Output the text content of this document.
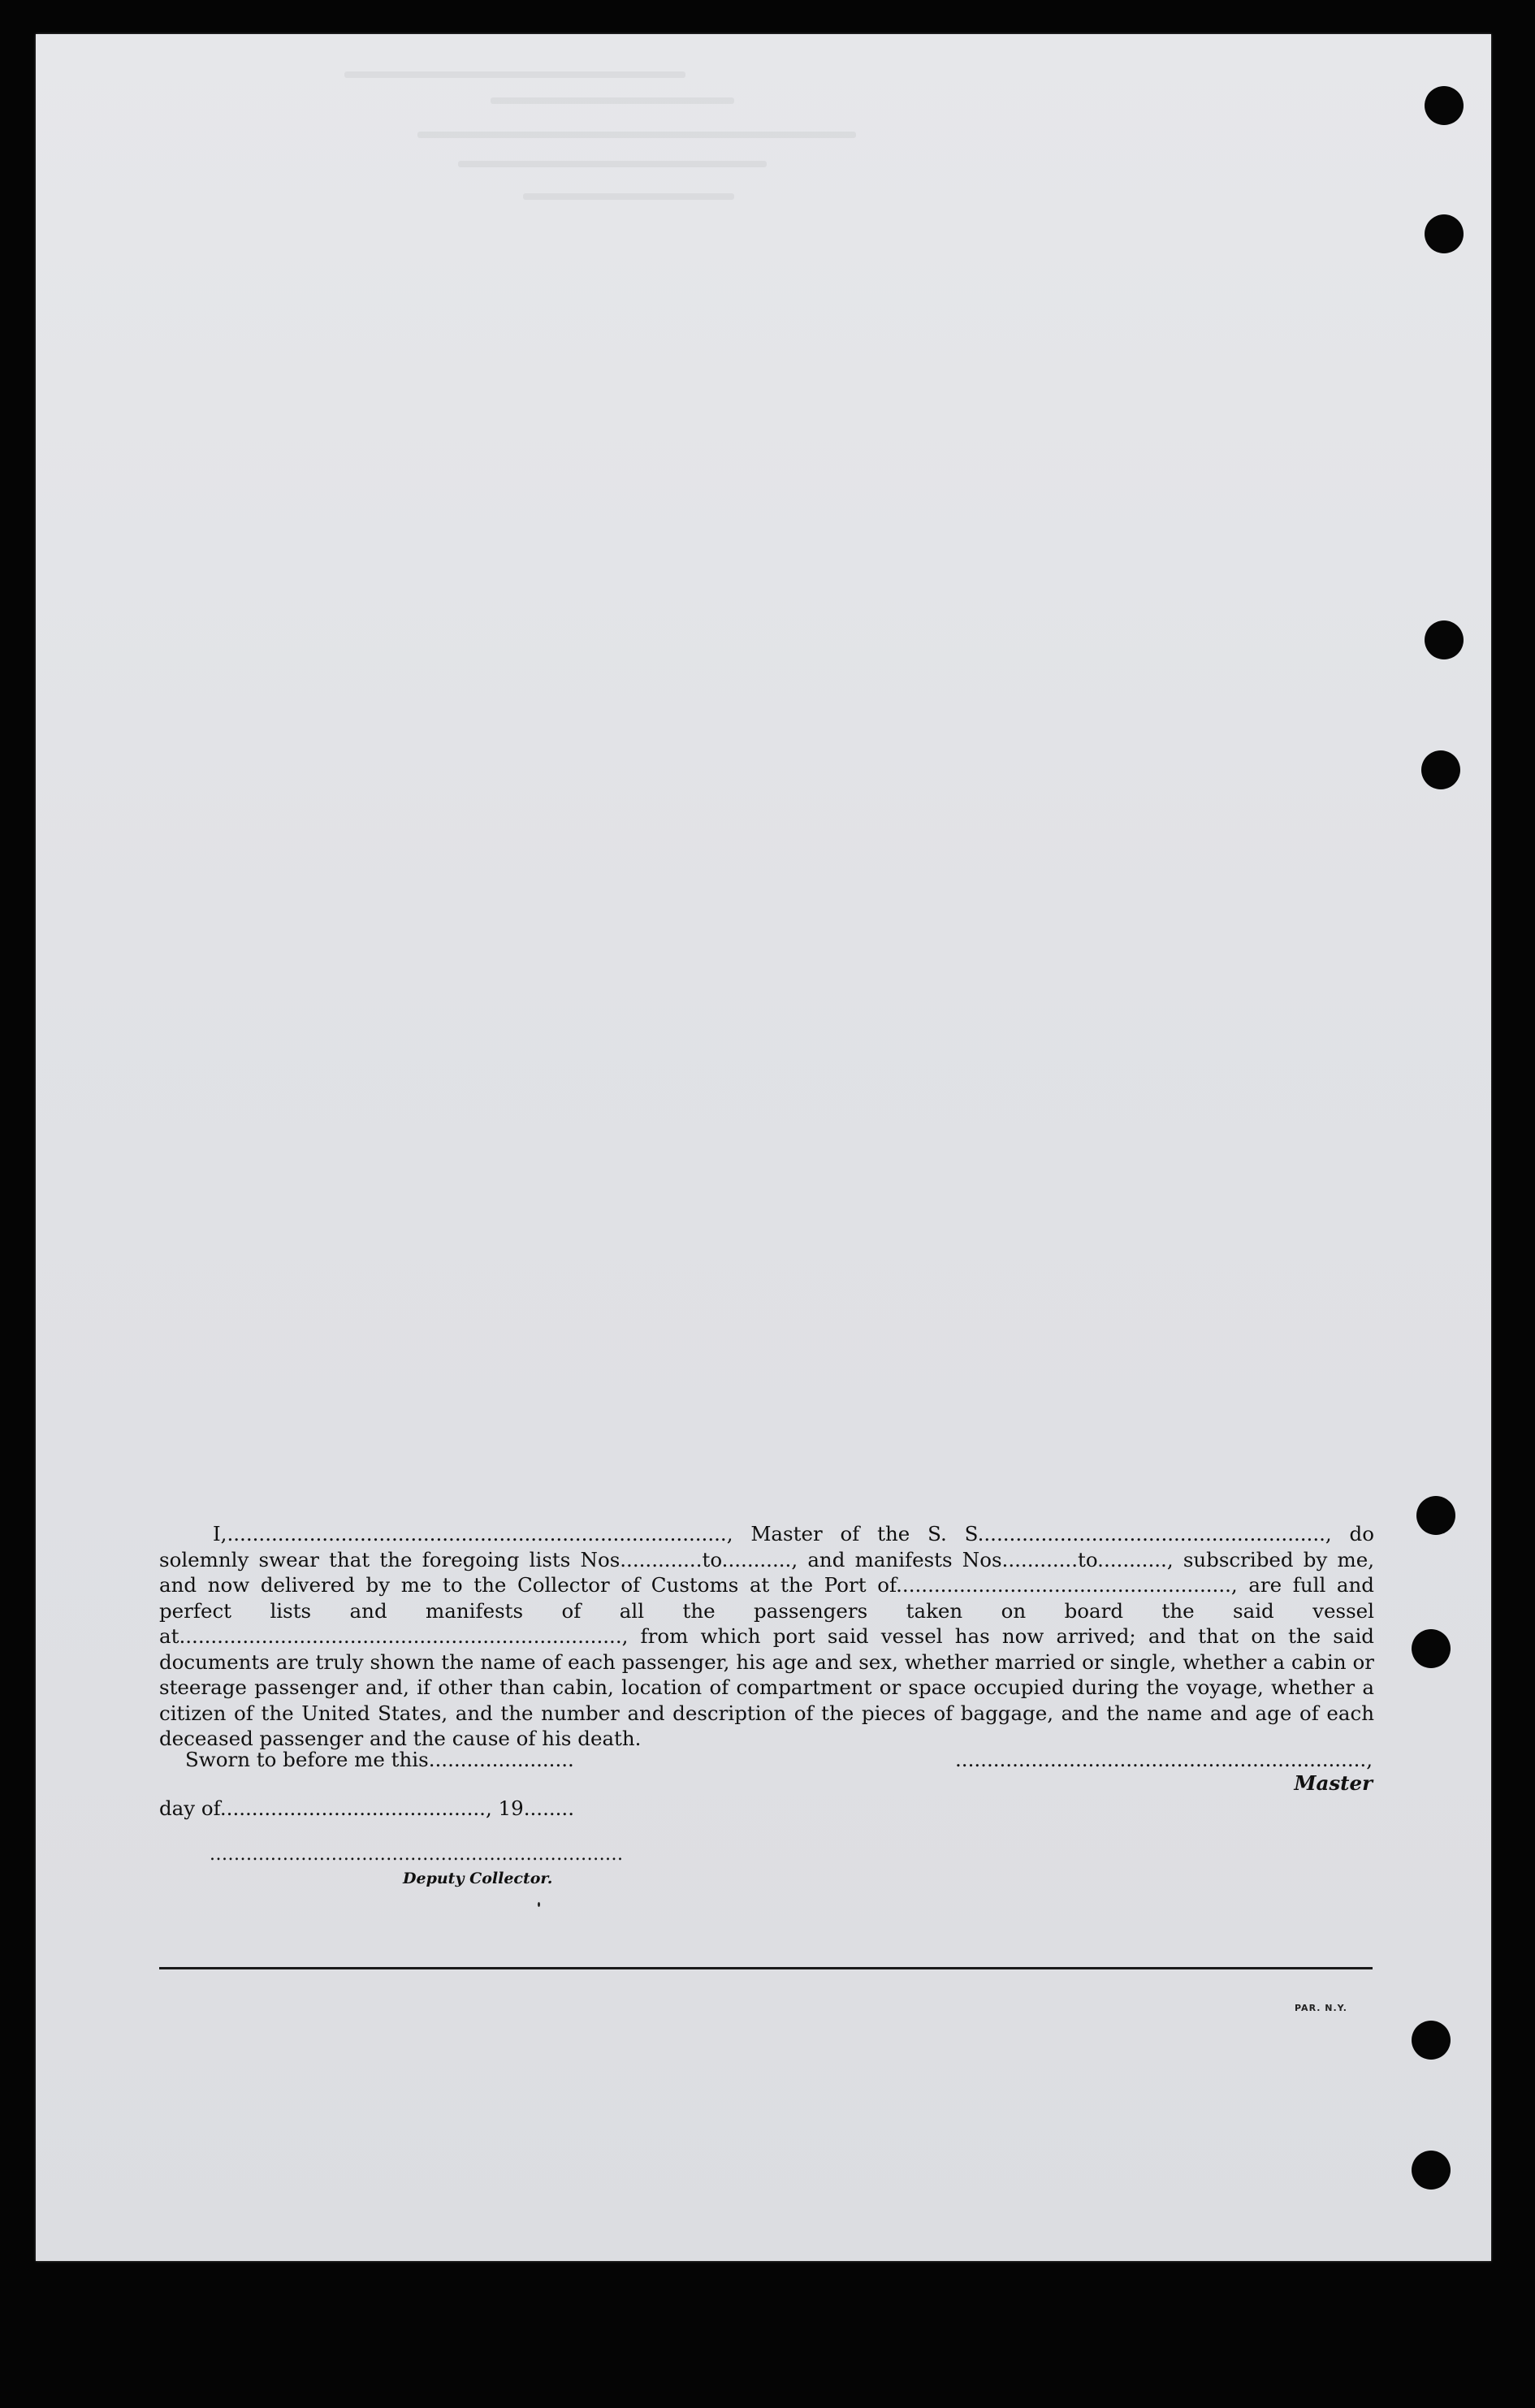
I,..............................................................................., Master of the S. S......................................................., do solemnly swear that the foregoing lists Nos.............to..........., and manifests Nos............to..........., subscribed by me, and now delivered by me to the Collector of Customs at the Port of....................................................., are full and perfect lists and manifests of all the passengers taken on board the said vessel at......................................................................, from which port said vessel has now arrived; and that on the said documents are truly shown the name of each passenger, his age and sex, whether married or single, whether a cabin or steerage passenger and, if other than cabin, location of compartment or space occupied during the voyage, whether a citizen of the United States, and the number and description of the pieces of baggage, and the name and age of each deceased passenger and the cause of his death.

Sworn to before me this.......................	................................................................., Master
day of.........................................., 19........
....................................................................
Deputy Collector.
PAR. N.Y.
